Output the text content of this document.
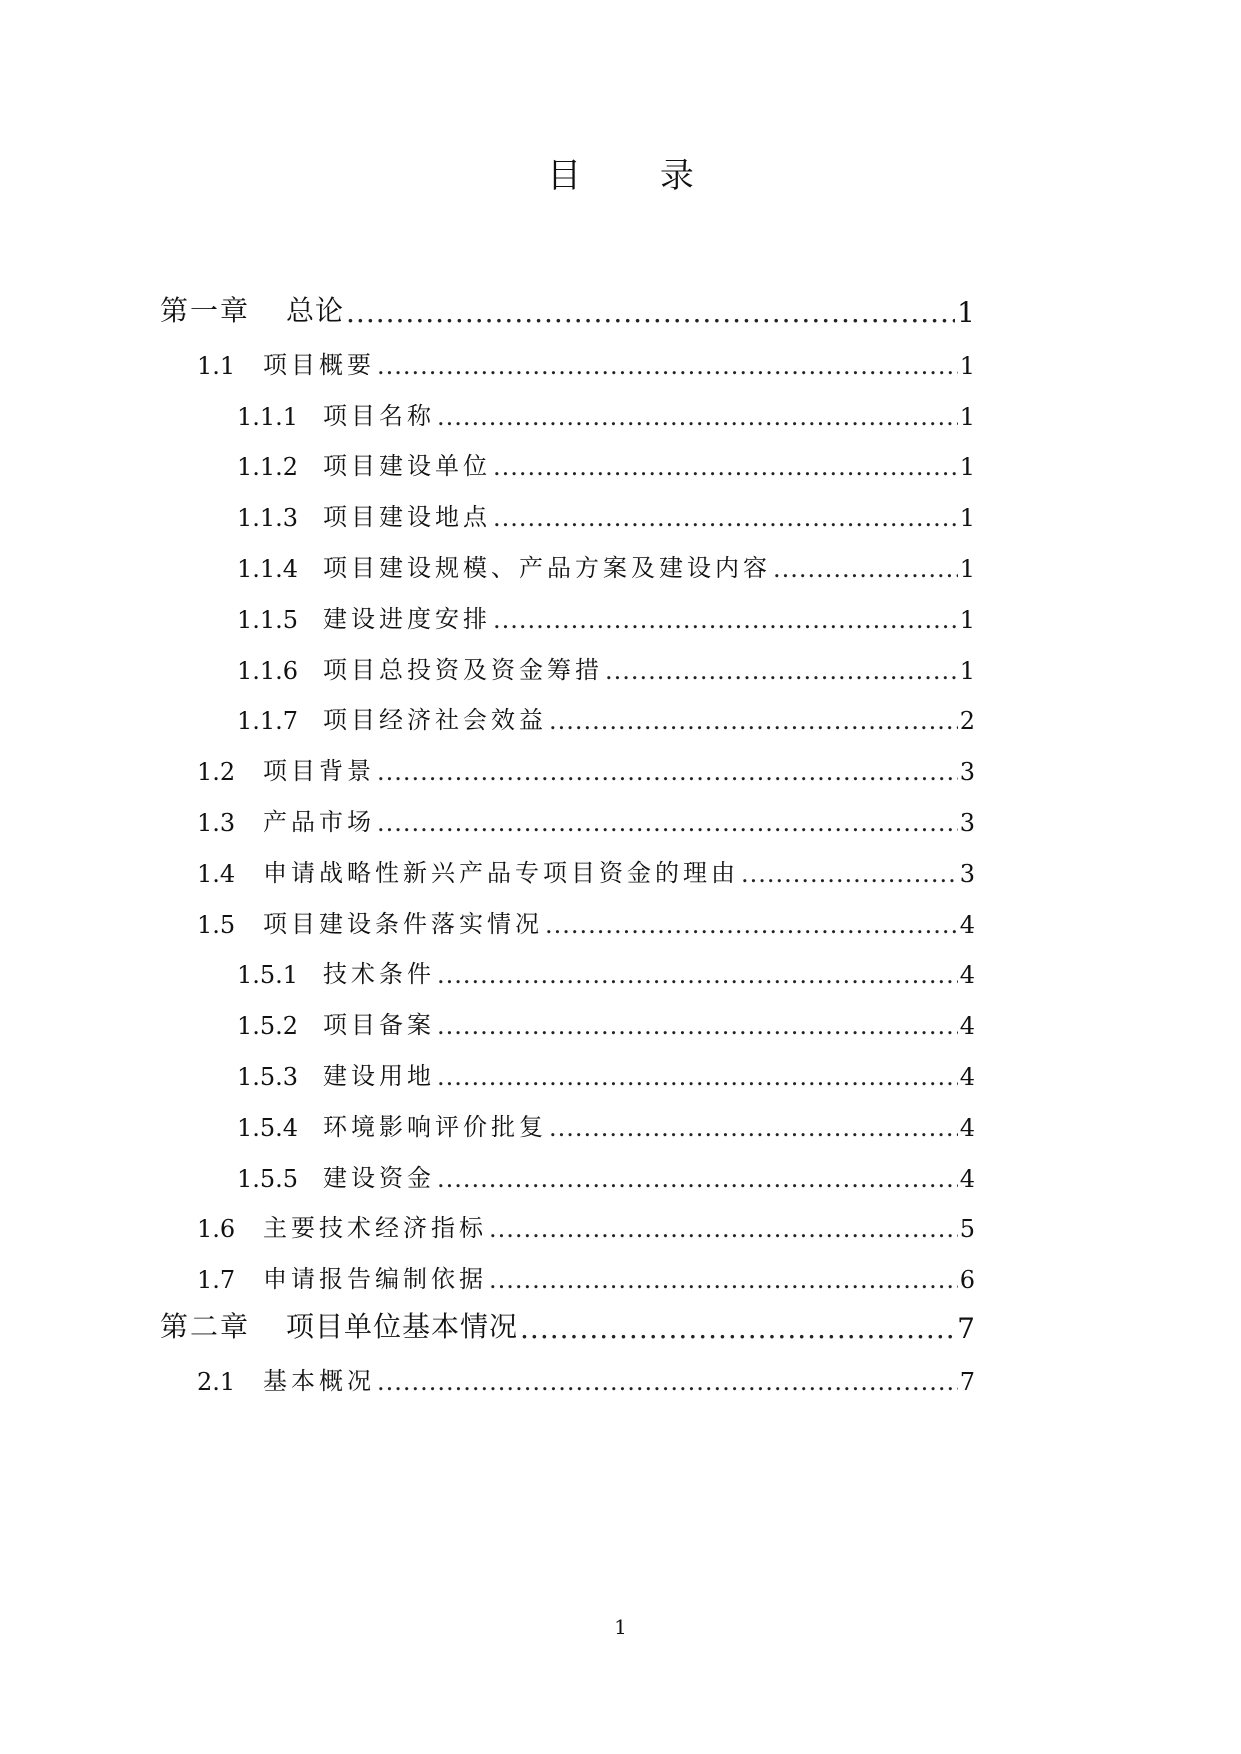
目 录
第一章	总论 .....	1
1.1	项目概要 .....	1
1.1.1	项目名称 .....	1
1.1.2	项目建设单位 .....	1
1.1.3	项目建设地点 .....	1
1.1.4	项目建设规模、产品方案及建设内容 .....	1
1.1.5	建设进度安排 .....	1
1.1.6	项目总投资及资金筹措 .....	1
1.1.7	项目经济社会效益 .....	2
1.2	项目背景 .....	3
1.3	产品市场 .....	3
1.4	申请战略性新兴产品专项目资金的理由 .....	3
1.5	项目建设条件落实情况 .....	4
1.5.1	技术条件 .....	4
1.5.2	项目备案 .....	4
1.5.3	建设用地 .....	4
1.5.4	环境影响评价批复 .....	4
1.5.5	建设资金 .....	4
1.6	主要技术经济指标 .....	5
1.7	申请报告编制依据 .....	6
第二章	项目单位基本情况 .....	7
2.1	基本概况 .....	7
1
